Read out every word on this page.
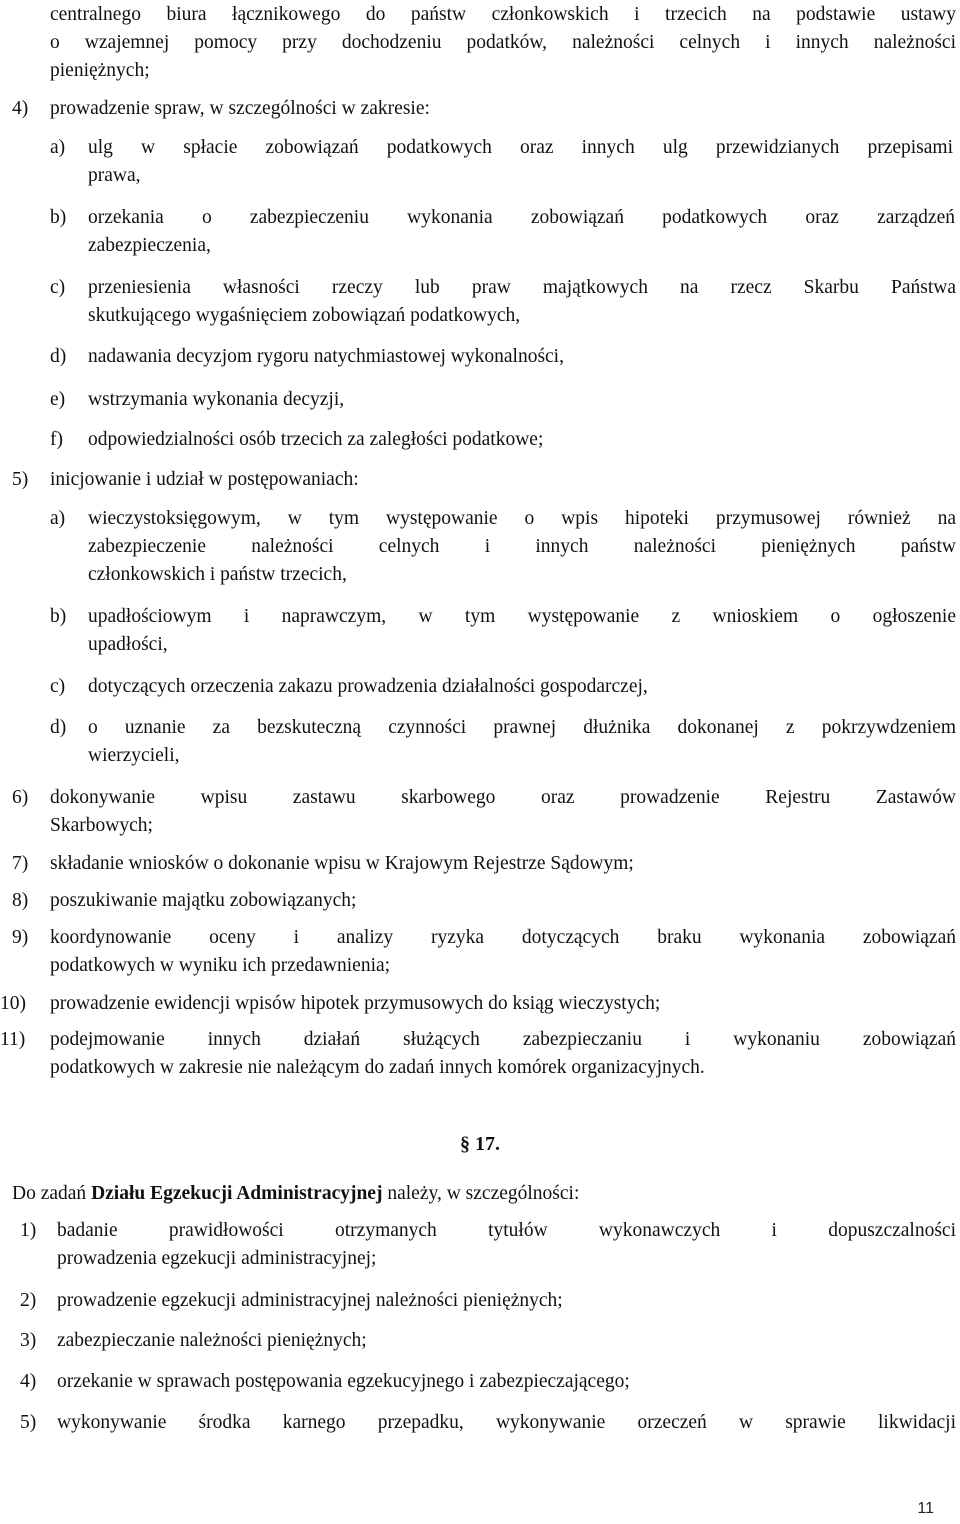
centralnego biura łącznikowego do państw członkowskich i trzecich na podstawie ustawy
o wzajemnej pomocy przy dochodzeniu podatków, należności celnych i innych należności
pieniężnych;
4) prowadzenie spraw, w szczególności w zakresie:
a) ulg w spłacie zobowiązań podatkowych oraz innych ulg przewidzianych przepisami
prawa,
b) orzekania o zabezpieczeniu wykonania zobowiązań podatkowych oraz zarządzeń
zabezpieczenia,
c) przeniesienia własności rzeczy lub praw majątkowych na rzecz Skarbu Państwa
skutkującego wygaśnięciem zobowiązań podatkowych,
d) nadawania decyzjom rygoru natychmiastowej wykonalności,
e) wstrzymania wykonania decyzji,
f) odpowiedzialności osób trzecich za zaległości podatkowe;
5) inicjowanie i udział w postępowaniach:
a) wieczystoksięgowym, w tym występowanie o wpis hipoteki przymusowej również na
zabezpieczenie należności celnych i innych należności pieniężnych państw
członkowskich i państw trzecich,
b) upadłościowym i naprawczym, w tym występowanie z wnioskiem o ogłoszenie
upadłości,
c) dotyczących orzeczenia zakazu prowadzenia działalności gospodarczej,
d) o uznanie za bezskuteczną czynności prawnej dłużnika dokonanej z pokrzywdzeniem
wierzycieli,
6) dokonywanie wpisu zastawu skarbowego oraz prowadzenie Rejestru Zastawów
Skarbowych;
7) składanie wniosków o dokonanie wpisu w Krajowym Rejestrze Sądowym;
8) poszukiwanie majątku zobowiązanych;
9) koordynowanie oceny i analizy ryzyka dotyczących braku wykonania zobowiązań
podatkowych w wyniku ich przedawnienia;
10) prowadzenie ewidencji wpisów hipotek przymusowych do ksiąg wieczystych;
11) podejmowanie innych działań służących zabezpieczaniu i wykonaniu zobowiązań
podatkowych w zakresie nie należącym do zadań innych komórek organizacyjnych.
§ 17.
Do zadań Działu Egzekucji Administracyjnej należy, w szczególności:
1) badanie prawidłowości otrzymanych tytułów wykonawczych i dopuszczalności
prowadzenia egzekucji administracyjnej;
2) prowadzenie egzekucji administracyjnej należności pieniężnych;
3) zabezpieczanie należności pieniężnych;
4) orzekanie w sprawach postępowania egzekucyjnego i zabezpieczającego;
5) wykonywanie środka karnego przepadku, wykonywanie orzeczeń w sprawie likwidacji
11
